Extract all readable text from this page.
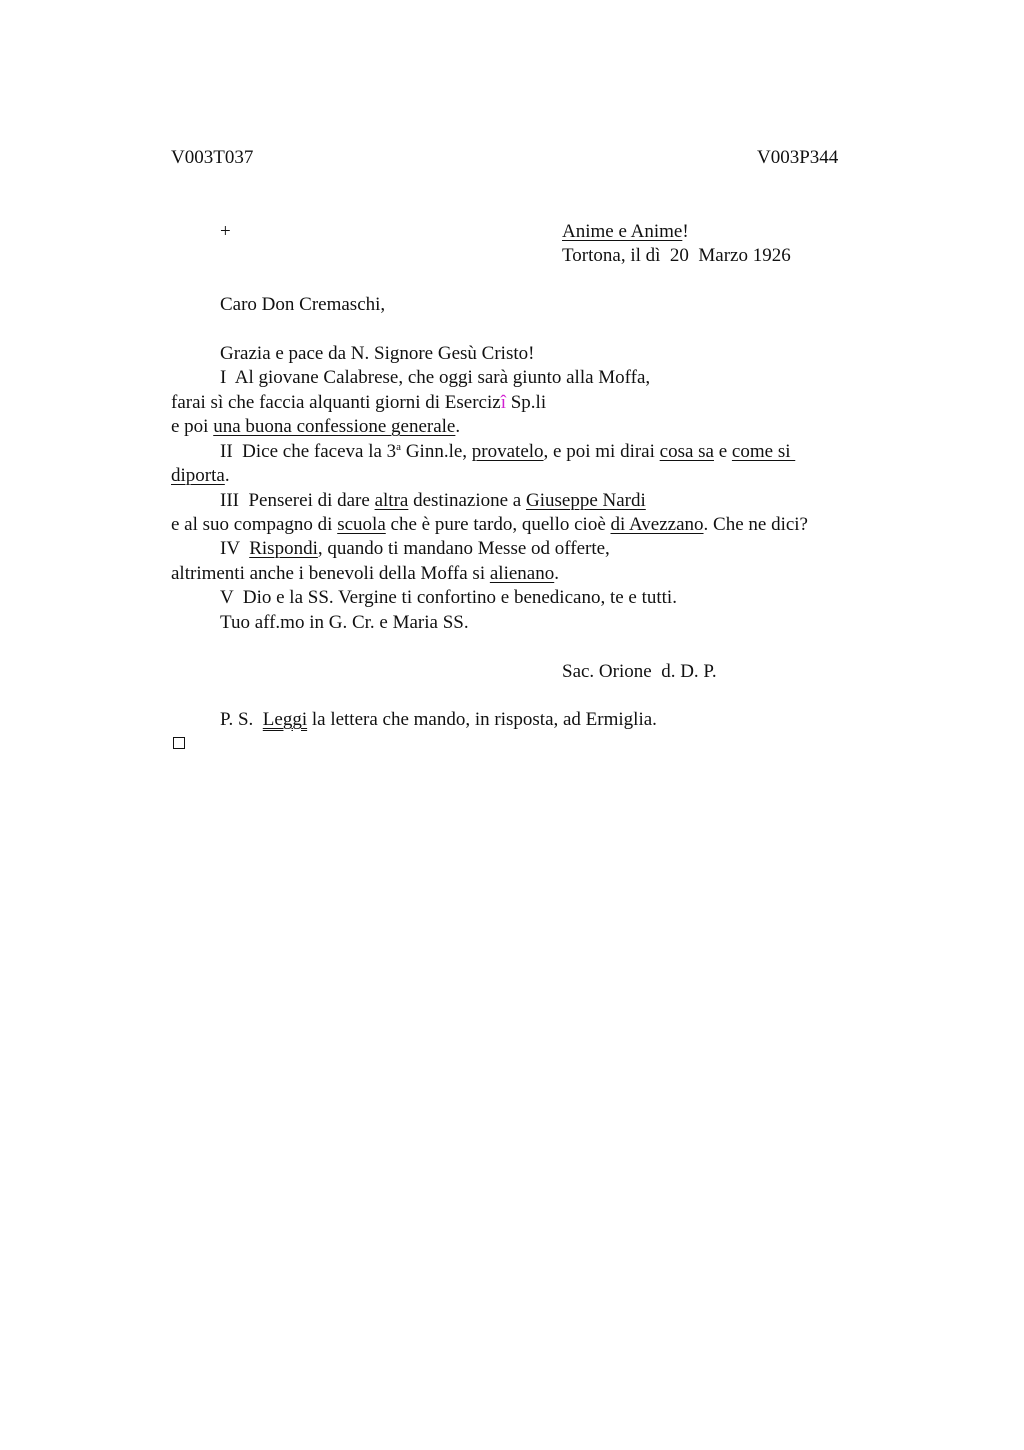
V003T037	V003P344
+	Anime e Anime!
Tortona, il dì  20  Marzo 1926
Caro Don Cremaschi,
Grazia e pace da N. Signore Gesù Cristo!
I  Al giovane Calabrese, che oggi sarà giunto alla Moffa,
farai sì che faccia alquanti giorni di Esercizî Sp.li
e poi una buona confessione generale.
II  Dice che faceva la 3$^a$ Ginn.le, provatelo, e poi mi dirai cosa sa e come si
diporta.
III  Penserei di dare altra destinazione a Giuseppe Nardi
e al suo compagno di scuola che è pure tardo, quello cioè di Avezzano. Che ne dici?
IV  Rispondi, quando ti mandano Messe od offerte,
altrimenti anche i benevoli della Moffa si alienano.
V  Dio e la SS. Vergine ti confortino e benedicano, te e tutti.
Tuo aff.mo in G. Cr. e Maria SS.
Sac. Orione  d. D. P.
P. S.  Leggi la lettera che mando, in risposta, ad Ermiglia.
